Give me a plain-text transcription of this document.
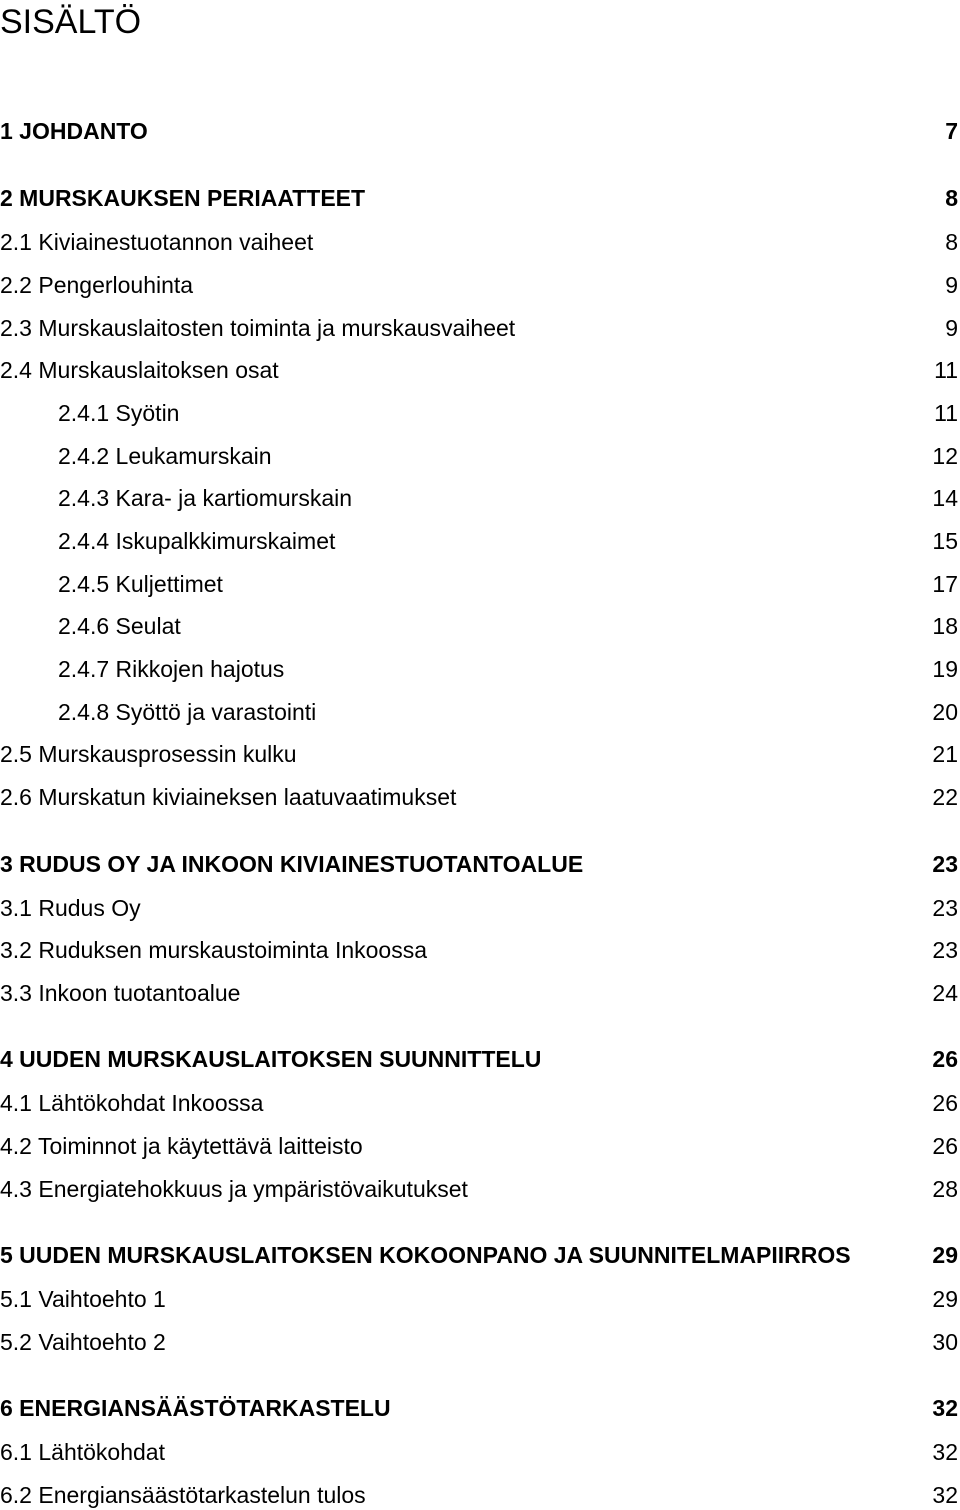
SISÄLTÖ
1 JOHDANTO	7
2 MURSKAUKSEN PERIAATTEET	8
2.1 Kiviainestuotannon vaiheet	8
2.2 Pengerlouhinta	9
2.3 Murskauslaitosten toiminta ja murskausvaiheet	9
2.4 Murskauslaitoksen osat	11
2.4.1 Syötin	11
2.4.2 Leukamurskain	12
2.4.3 Kara- ja kartiomurskain	14
2.4.4 Iskupalkkimurskaimet	15
2.4.5 Kuljettimet	17
2.4.6 Seulat	18
2.4.7 Rikkojen hajotus	19
2.4.8 Syöttö ja varastointi	20
2.5 Murskausprosessin kulku	21
2.6 Murskatun kiviaineksen laatuvaatimukset	22
3 RUDUS OY JA INKOON KIVIAINESTUOTANTOALUE	23
3.1 Rudus Oy	23
3.2 Ruduksen murskaustoiminta Inkoossa	23
3.3 Inkoon tuotantoalue	24
4 UUDEN MURSKAUSLAITOKSEN SUUNNITTELU	26
4.1 Lähtökohdat Inkoossa	26
4.2 Toiminnot ja käytettävä laitteisto	26
4.3 Energiatehokkuus ja ympäristövaikutukset	28
5 UUDEN MURSKAUSLAITOKSEN KOKOONPANO JA SUUNNITELMAPIIRROS	29
5.1 Vaihtoehto 1	29
5.2 Vaihtoehto 2	30
6 ENERGIANSÄÄSTÖTARKASTELU	32
6.1 Lähtökohdat	32
6.2 Energiansäästötarkastelun tulos	32
